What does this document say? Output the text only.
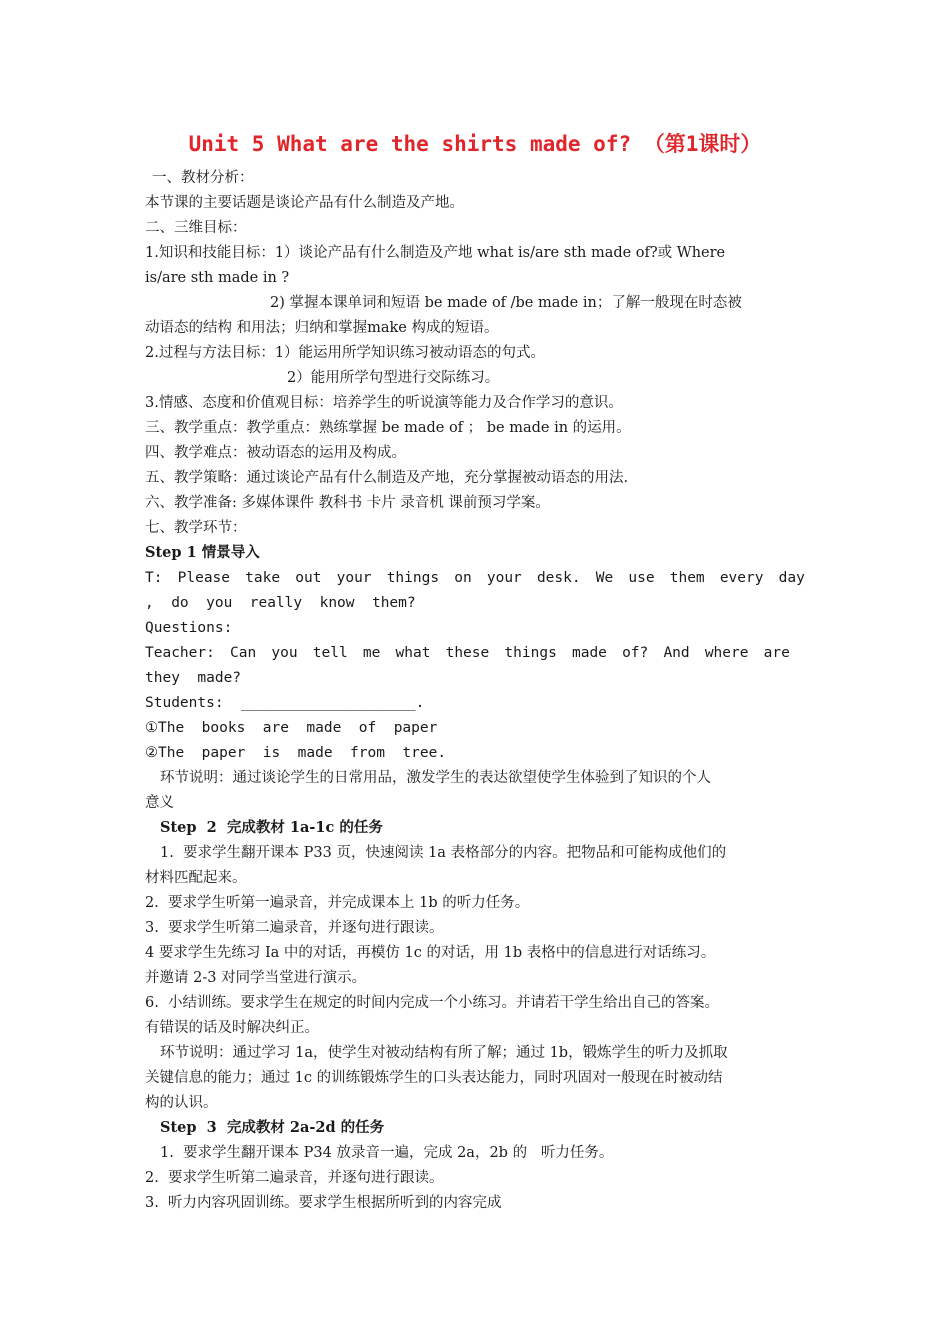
Unit 5 What are the shirts made of? （第1课时）
一、教材分析：
本节课的主要话题是谈论产品有什么制造及产地。
二、三维目标：
1.知识和技能目标：1）谈论产品有什么制造及产地 what is/are sth made of?或 Where
is/are sth made in ?
2) 掌握本课单词和短语 be made of /be made in；了解一般现在时态被
动语态的结构 和用法；归纳和掌握make 构成的短语。
2.过程与方法目标：1）能运用所学知识练习被动语态的句式。
2）能用所学句型进行交际练习。
3.情感、态度和价值观目标：培养学生的听说演等能力及合作学习的意识。
三、教学重点：教学重点：熟练掌握 be made of ； be made in 的运用。
四、教学难点：被动语态的运用及构成。
五、教学策略：通过谈论产品有什么制造及产地，充分掌握被动语态的用法.
六、教学准备: 多媒体课件 教科书 卡片 录音机 课前预习学案。
七、教学环节：
Step 1 情景导入
T: Please take out your things on your desk. We use them every day
,  do  you  really  know  them?
Questions:
Teacher: Can you tell me what these things made of? And where are
they  made?
Students:  ____________________.
①The  books  are  made  of  paper
②The  paper  is  made  from  tree.
环节说明：通过谈论学生的日常用品，激发学生的表达欲望使学生体验到了知识的个人
意义
Step  2  完成教材 1a-1c 的任务
1.  要求学生翻开课本 P33 页，快速阅读 1a 表格部分的内容。把物品和可能构成他们的
材料匹配起来。
2.  要求学生听第一遍录音，并完成课本上 1b 的听力任务。
3.  要求学生听第二遍录音，并逐句进行跟读。
4 要求学生先练习 Ia 中的对话，再模仿 1c 的对话，用 1b 表格中的信息进行对话练习。
并邀请 2-3 对同学当堂进行演示。
6.  小结训练。要求学生在规定的时间内完成一个小练习。并请若干学生给出自己的答案。
有错误的话及时解决纠正。
环节说明：通过学习 1a，使学生对被动结构有所了解；通过 1b，锻炼学生的听力及抓取
关键信息的能力；通过 1c 的训练锻炼学生的口头表达能力，同时巩固对一般现在时被动结
构的认识。
Step  3  完成教材 2a-2d 的任务
1.  要求学生翻开课本 P34 放录音一遍，完成 2a，2b 的   听力任务。
2.  要求学生听第二遍录音，并逐句进行跟读。
3.  听力内容巩固训练。要求学生根据所听到的内容完成
